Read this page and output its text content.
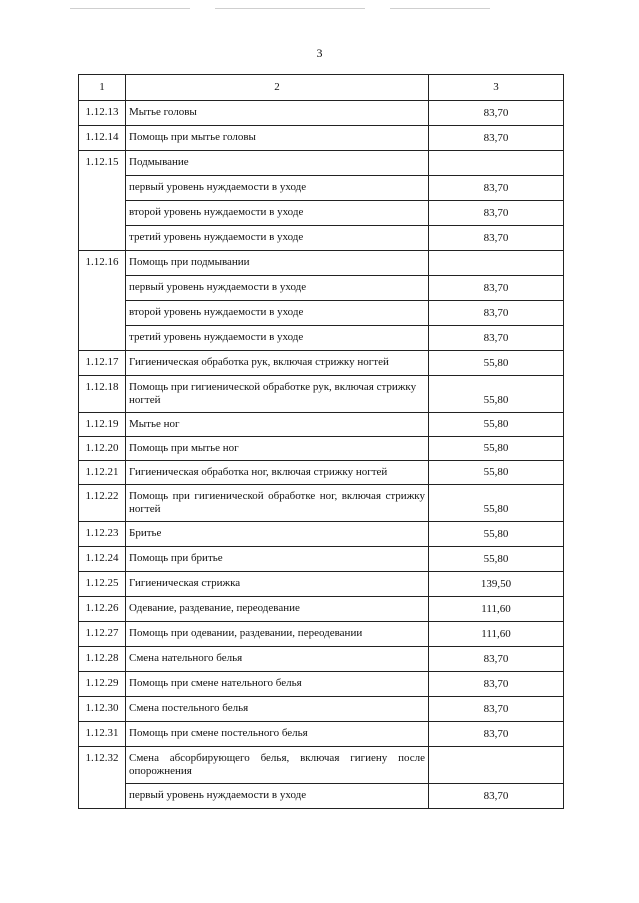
3
1	2	3
1.12.13	Мытье головы	83,70
1.12.14	Помощь при мытье головы	83,70
1.12.15	Подмывание	
	первый уровень нуждаемости в уходе	83,70
	второй уровень нуждаемости в уходе	83,70
	третий уровень нуждаемости в уходе	83,70
1.12.16	Помощь при подмывании	
	первый уровень нуждаемости в уходе	83,70
	второй уровень нуждаемости в уходе	83,70
	третий уровень нуждаемости в уходе	83,70
1.12.17	Гигиеническая обработка рук, включая стрижку ногтей	55,80
1.12.18	Помощь при гигиенической обработке рук, включая стрижку ногтей	55,80
1.12.19	Мытье ног	55,80
1.12.20	Помощь при мытье ног	55,80
1.12.21	Гигиеническая обработка ног, включая стрижку ногтей	55,80
1.12.22	Помощь при гигиенической обработке ног, включая стрижку ногтей	55,80
1.12.23	Бритье	55,80
1.12.24	Помощь при бритье	55,80
1.12.25	Гигиеническая стрижка	139,50
1.12.26	Одевание, раздевание, переодевание	111,60
1.12.27	Помощь при одевании, раздевании, переодевании	111,60
1.12.28	Смена нательного белья	83,70
1.12.29	Помощь при смене нательного белья	83,70
1.12.30	Смена постельного белья	83,70
1.12.31	Помощь при смене постельного белья	83,70
1.12.32	Смена абсорбирующего белья, включая гигиену после опорожнения	
	первый уровень нуждаемости в уходе	83,70
